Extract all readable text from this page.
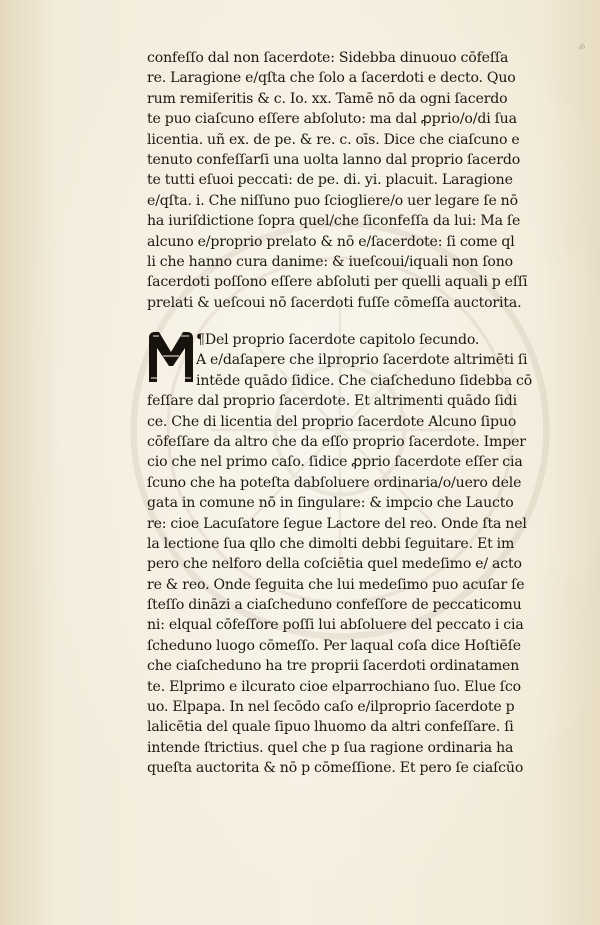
ॐ
confeſſo dal non ſacerdote: Sidebba dinuouo cōfeſſa
re. Laragione e/qſta che ſolo a ſacerdoti e decto. Quo
rum remiſeritis & c. Io. xx. Tamē nō da ogni ſacerdo
te puo ciaſcuno eſſere abſoluto: ma dal ꝓprio/o/di ſua
licentia. uñ ex. de pe. & re. c. oīs. Dice che ciaſcuno e
tenuto confeſſarſi una uolta lanno dal proprio ſacerdo
te tutti eſuoi peccati: de pe. di. yi. placuit. Laragione
e/qſta. i. Che niſſuno puo ſciogliere/o uer legare ſe nō
ha iuriſdictione ſopra quel/che ſiconfeſſa da lui: Ma ſe
alcuno e/proprio prelato & nō e/ſacerdote: ſi come ql
li che hanno cura danime: & iueſcoui/iquali non ſono
ſacerdoti poſſono eſſere abſoluti per quelli aquali p eſſī
prelati & ueſcoui nō ſacerdoti fuſſe cōmeſſa auctorita.
¶Del proprio ſacerdote capitolo ſecundo.
A e/daſapere che ilproprio ſacerdote altrimēti ſi
intēde quādo ſidice. Che ciaſcheduno ſidebba cō
feſſare dal proprio ſacerdote. Et altrimenti quādo ſidi
ce. Che di licentia del proprio ſacerdote Alcuno ſipuo
cōfeſſare da altro che da eſſo proprio ſacerdote. Imper
cio che nel primo caſo. ſidice ꝓprio ſacerdote eſſer cia
ſcuno che ha poteſta dabſoluere ordinaria/o/uero dele
gata in comune nō in ſingulare: & impcio che Laucto
re: cioe Lacuſatore ſegue Lactore del reo. Onde ſta nel
la lectione ſua qllo che dimolti debbi ſeguitare. Et im
pero che nelforo della coſciētia quel medeſimo e/ acto
re & reo. Onde ſeguita che lui medeſimo puo acuſar ſe
ſteſſo dināzi a ciaſcheduno confeſſore de peccaticomu
ni: elqual cōfeſſore poſſi lui abſoluere del peccato i cia
ſcheduno luogo cōmeſſo. Per laqual coſa dice Hoſtiēſe
che ciaſcheduno ha tre proprii ſacerdoti ordinatamen
te. Elprimo e ilcurato cioe elparrochiano ſuo. Elue ſco
uo. Elpapa. In nel ſecōdo caſo e/ilproprio ſacerdote p
lalicētia del quale ſipuo lhuomo da altri confeſſare. ſi
intende ſtrictius. quel che p ſua ragione ordinaria ha
queſta auctorita & nō p cōmeſſione. Et pero ſe ciaſcūo
